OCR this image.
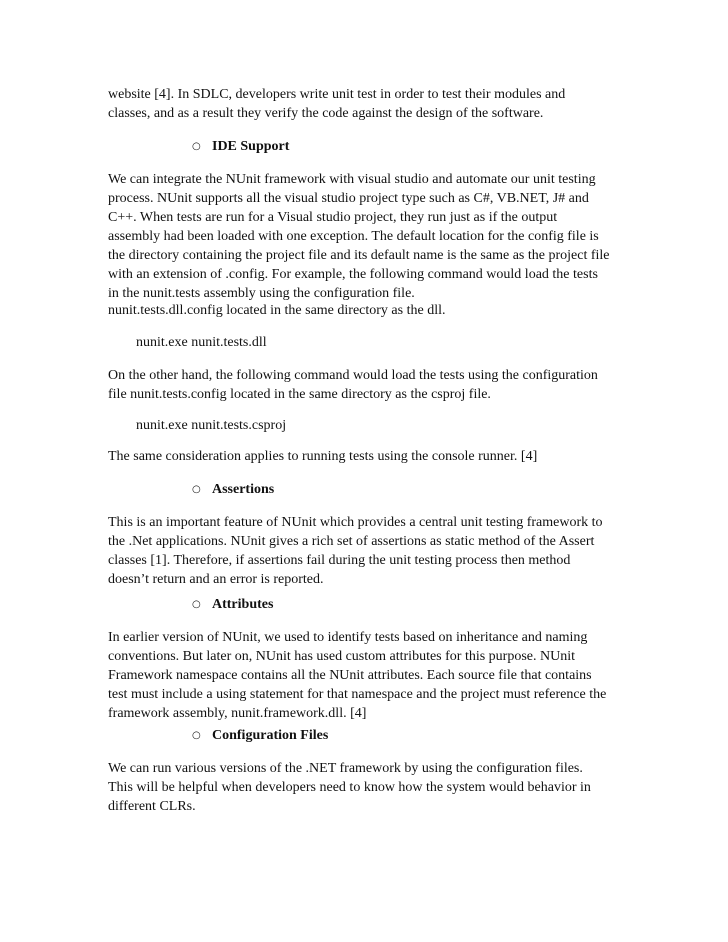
website [4]. In SDLC, developers write unit test in order to test their modules and
classes, and as a result they verify the code against the design of the software.

○ IDE Support

We can integrate the NUnit framework with visual studio and automate our unit testing
process. NUnit supports all the visual studio project type such as C#, VB.NET, J# and
C++. When tests are run for a Visual studio project, they run just as if the output
assembly had been loaded with one exception. The default location for the config file is
the directory containing the project file and its default name is the same as the project file
with an extension of .config. For example, the following command would load the tests
in the nunit.tests assembly using the configuration file.

nunit.tests.dll.config located in the same directory as the dll.

nunit.exe nunit.tests.dll

On the other hand, the following command would load the tests using the configuration
file nunit.tests.config located in the same directory as the csproj file.

nunit.exe nunit.tests.csproj

The same consideration applies to running tests using the console runner. [4]

○ Assertions

This is an important feature of NUnit which provides a central unit testing framework to
the .Net applications. NUnit gives a rich set of assertions as static method of the Assert
classes [1]. Therefore, if assertions fail during the unit testing process then method
doesn’t return and an error is reported.

○ Attributes

In earlier version of NUnit, we used to identify tests based on inheritance and naming
conventions. But later on, NUnit has used custom attributes for this purpose. NUnit
Framework namespace contains all the NUnit attributes. Each source file that contains
test must include a using statement for that namespace and the project must reference the
framework assembly, nunit.framework.dll. [4]

○ Configuration Files

We can run various versions of the .NET framework by using the configuration files.
This will be helpful when developers need to know how the system would behavior in
different CLRs.
